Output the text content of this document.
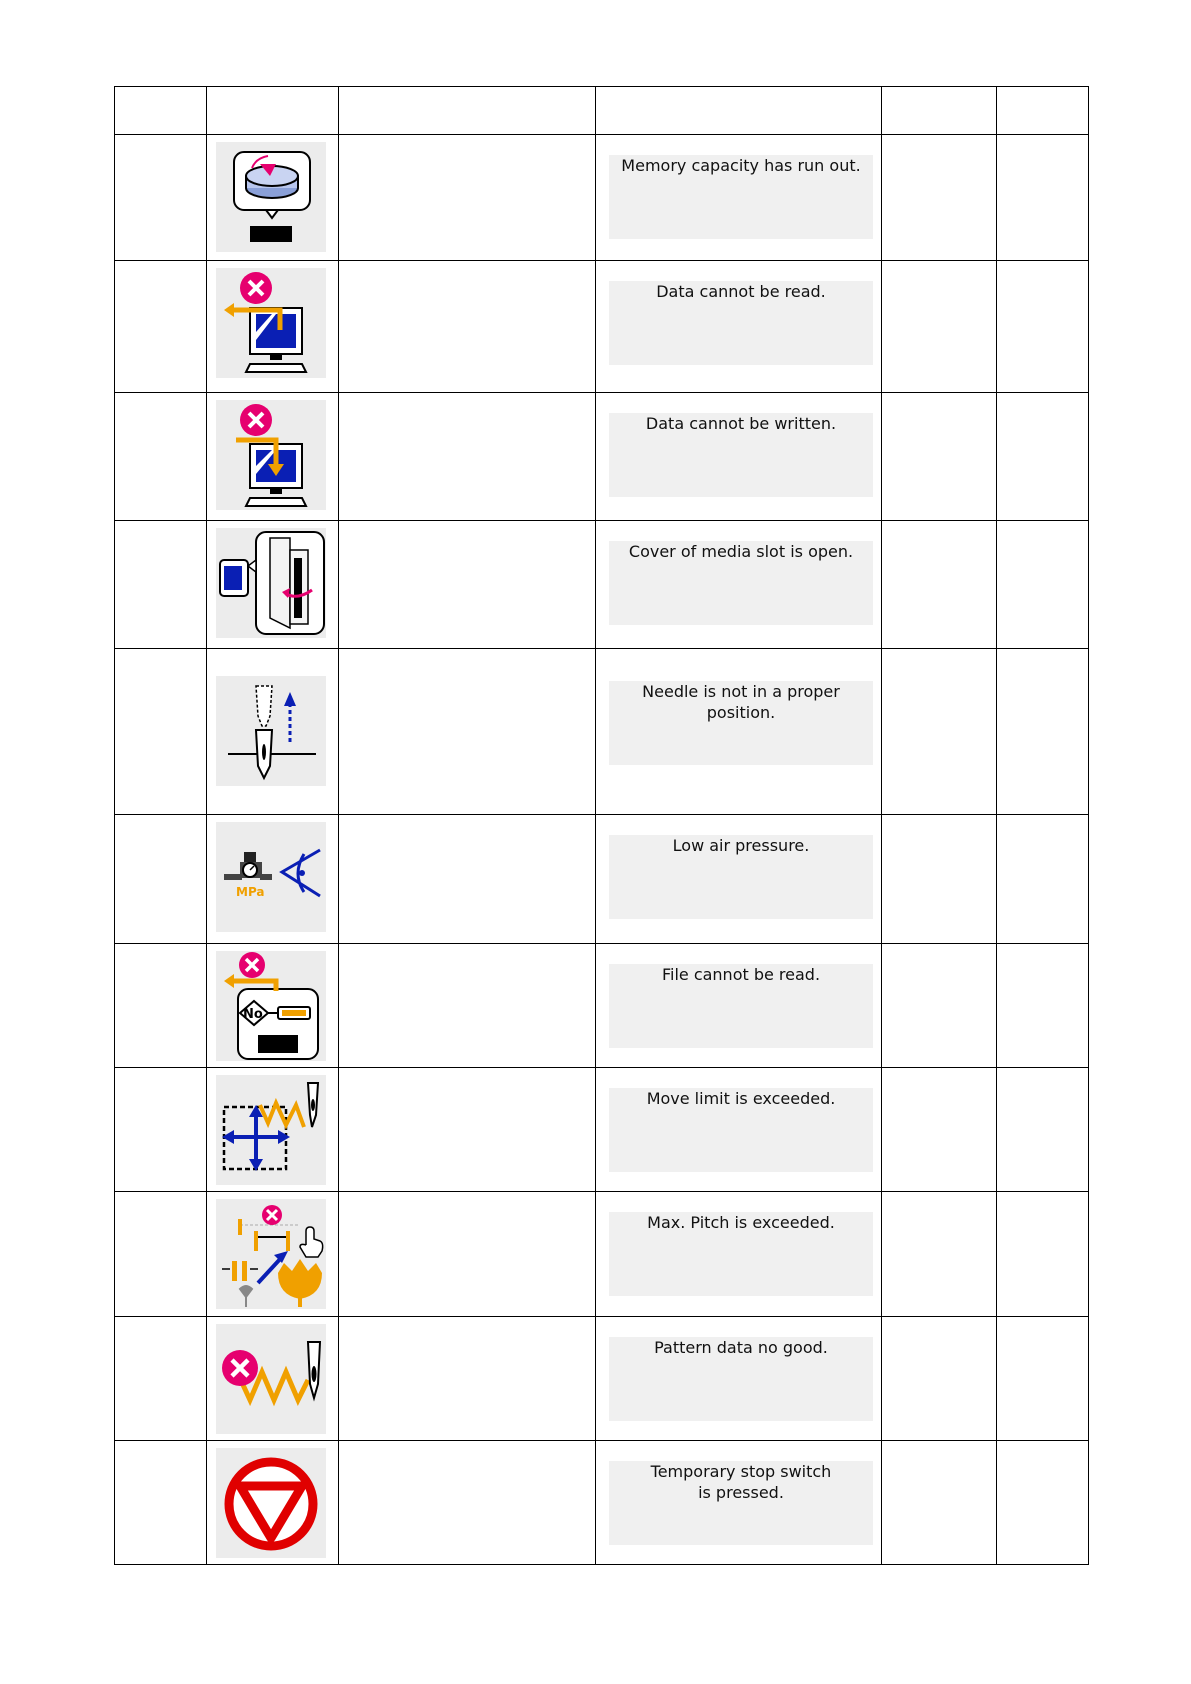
Memory capacity has run out.		

Data cannot be read.		

Data cannot be written.		

Cover of media slot is open.		

Needle is not in a proper position.		

MPa		Low air pressure.		

No		File cannot be read.		

Move limit is exceeded.		

Max. Pitch is exceeded.		

Pattern data no good.		

Temporary stop switch
is pressed.		
